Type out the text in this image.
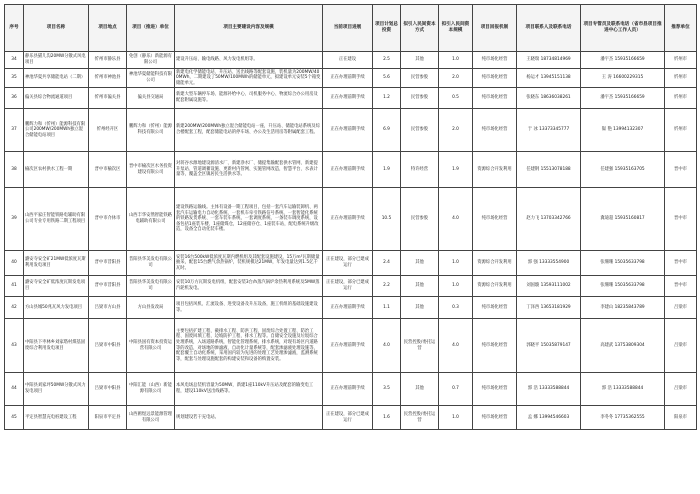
序号	项目名称	项目地点	项目（推进）单位	项目主要建设内容及规模	当前项目进展	项目计划总投资	拟引入民间资本方式	拟引入民间资本规模	项目回报机制	项目联系人及联系电话	项目专管员及联系电话（省市县项目推进中心工作人员）	推荐单位
34	静乐县猫儿沟20MW分散式风电项目	忻州市静乐县	免创（静乐）新能源有限公司	建设升压站、输电线路、风力发电机组等。	正在建设	2.5	其他	1.0	纯市场化经营	王晓瑞 18734814969	潘宇杰 15935166659	忻州市
35	神池华夏共享储能电站（二期）	忻州市神池县	神池华夏储能科技有限公司	新建电化学储能电站、升压站、送出线路等配套设施，装机量为200MW/400MWh，二期建设了50MW/100MWh的储能单元，拟建设单元安装5个箱变储能单元。	正在办理前期手续	5.6	民营参股	2.0	纯市场化经营	杨运才 13945151138	王 涛 16600229315	忻州市
36	偏关县综合物流通道项目	忻州市偏关县	偏关县交通局	新建大型车辆停车场、能源补给中心、司机服务中心、物流综合办公用房及配套附属设施等。	正在办理前期手续	1.2	民营参股	0.5	纯市场化经营	张晓东 18636038261	潘宇杰 15935166659	忻州市
37	鹏辉力和（忻州）能源科技有限公司200MW/200MWh独立混合储能电站项目	忻州经开区	鹏辉力和（忻州）能源科技有限公司	新建200MW/200MWh独立混合储能电站一座，升压站、储能电站系统及综合楼配套工程，配套储能电站的停车场、办公及生活用房等附属配套工程。	正在办理前期手续	6.9	民营参股	2.0	纯市场化经营	于 冰 13373345777	韫 艳 13994132307	忻州市
38	榆次区农村供水工程一期	晋中市榆次区	晋中市榆次区水务投资建设有限公司	对蒋谷水源地建设源清水厂、新建净水厂、储提集输配套供水管网、新建提升泵站、管道调蓄设施、更新村内管网、实施管网改造，智慧平台、水表计量等，覆盖全区镇居民生活供水等。	正在办理前期手续	1.9	特许经营	1.9	资源综合开发利用	任建钢 15513078188	任建强 15935163705	晋中市
39	山西平家庄智能铁路电辅助有限公司专业专用铁路二期工程项目	晋中市介休市	山西丰华安然智能铁路电辅助有限公司	建设铁路运输线。主体有设备一期工程项目，包括一套汽车运输装卸机、两套汽车运输电力自动化系统、一套机车牵引铁路信号系统、一套智能化系统的铁路发货系统、一套车装车系统，一套调度系统、一条装车调度系统，设备包括1座装车楼、1座储煤仓，12座储存仓、1座装车站，配电系统升级改造，设备全自动化装车楼。	正在办理前期手续	10.5	民营参股	4.0	纯市场化经营	赵力飞 13703342766	冀迪超 15935160817	晋中市
40	潞安寺安全矿21MW低浓度瓦斯利用发电项目	晋中市昔阳县	昔阳县华美发电有限公司	安装16台500kW低浓度瓦斯内燃机组及其配套设施建设，15万m³瓦斯储量抽采，配套15台燃气余热锅炉，装机规模达21MW，年发电量达到1.5亿千瓦时。	正在建设，部分已建成运行	2.4	其他	1.0	资源综合开发利用	郭 强 13333554900	张珊珊 15035633798	晋中市
41	潞安寺安全矿低浓度瓦斯发电项目	晋中市昔阳县	昔阳县华美发电有限公司	安装10万方瓦斯发电机组，配套安装3台/h蒸汽锅炉余热利用系统及5MW蒸汽轮机发电。	正在建设，部分已建成运行	2.2	其他	1.0	资源综合开发利用	刘国璇 13593111002	张珊珊 15035633798	晋中市
42	方山县城50兆瓦风力发电项目	吕梁市方山县	方山县发改局	项目包括风机、汇流设备、进变设备及升压设备，施工机组的基础设施建设等。	正在办理前期手续	1.1	其他	0.3	纯市场化经营	丁泽西 13653181929	李建山 18235843789	吕梁市
43	中阳县下枣林乡刘家塔村煤基固废综合利用发电项目	吕梁市中阳县	中阳县国有资本投资运营有限公司	主要包括扩建工程、截排水工程、防洪工程、固废综合处置工程、防治工程、固废回填工程、边坡防护工程、排水工程等。自储安全设施及垃圾综合处理系统，入场道路系统，智能化管理系统，排水系统，对现有场区内道路等的改造，对场地的渗滤液、自动化计量系统等，配套渗滤液处理设施等，配套覆土自动化系统，采用国内较为先进的处理工艺处理渗滤液，监测系统等，配套与处理设施配套的构建安装和设备的购置安装。	正在办理前期手续	4.0	民营控股/委托运营	4.0	纯市场化经营	郭晓平 15035879147	高建武 13753809304	吕梁市
44	中阳县刘家坪50MW分散式风力发电项目	吕梁市中阳县	中阳汇能（山西）新能源有限公司	本风电场总装机容量为50MW，新建1座110kV升压站及配套的输变电工程，建设110kV送出线路等。	正在办理前期手续	3.5	其他	0.7	纯市场化经营	郭 浩 13333588844	郭 浩 13333588844	吕梁市
45	平定县智慧充电桩建设工程	阳泉市平定县	山西鸥煜远景能源管理有限公司	规划建设若干充电站。	正在建设，部分已建成运行	1.6	民营控股/委托运营	1.0	纯市场化经营	孟 娜 13994546603	李冬冬 17735362555	阳泉市
